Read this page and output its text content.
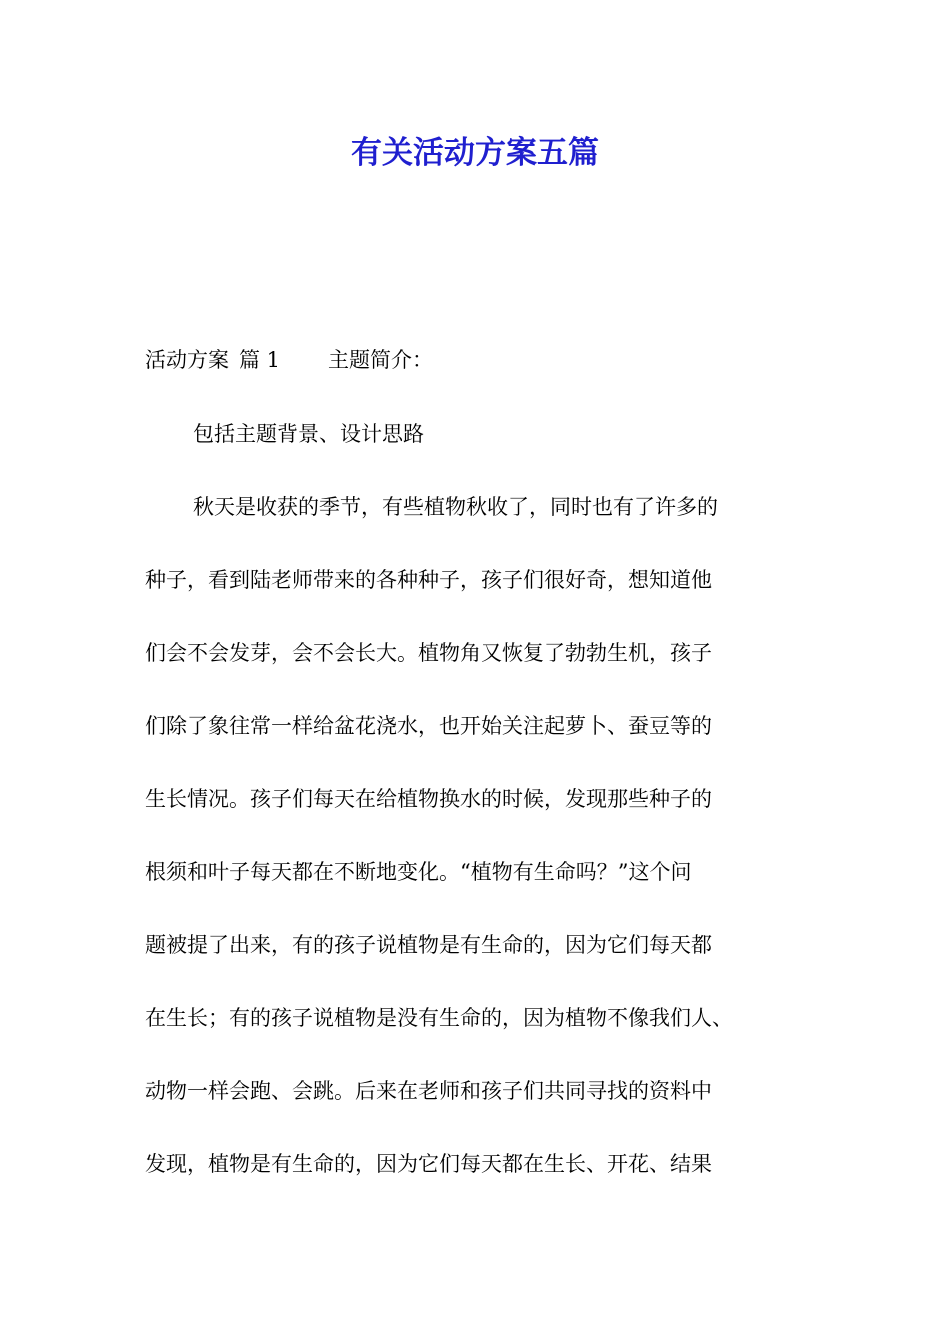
有关活动方案五篇
活动方案 篇 1 主题简介：
包括主题背景、设计思路
秋天是收获的季节，有些植物秋收了，同时也有了许多的
种子，看到陆老师带来的各种种子，孩子们很好奇，想知道他
们会不会发芽，会不会长大。植物角又恢复了勃勃生机，孩子
们除了象往常一样给盆花浇水，也开始关注起萝卜、蚕豆等的
生长情况。孩子们每天在给植物换水的时候，发现那些种子的
根须和叶子每天都在不断地变化。“植物有生命吗？”这个问
题被提了出来，有的孩子说植物是有生命的，因为它们每天都
在生长；有的孩子说植物是没有生命的，因为植物不像我们人、
动物一样会跑、会跳。后来在老师和孩子们共同寻找的资料中
发现，植物是有生命的，因为它们每天都在生长、开花、结果
